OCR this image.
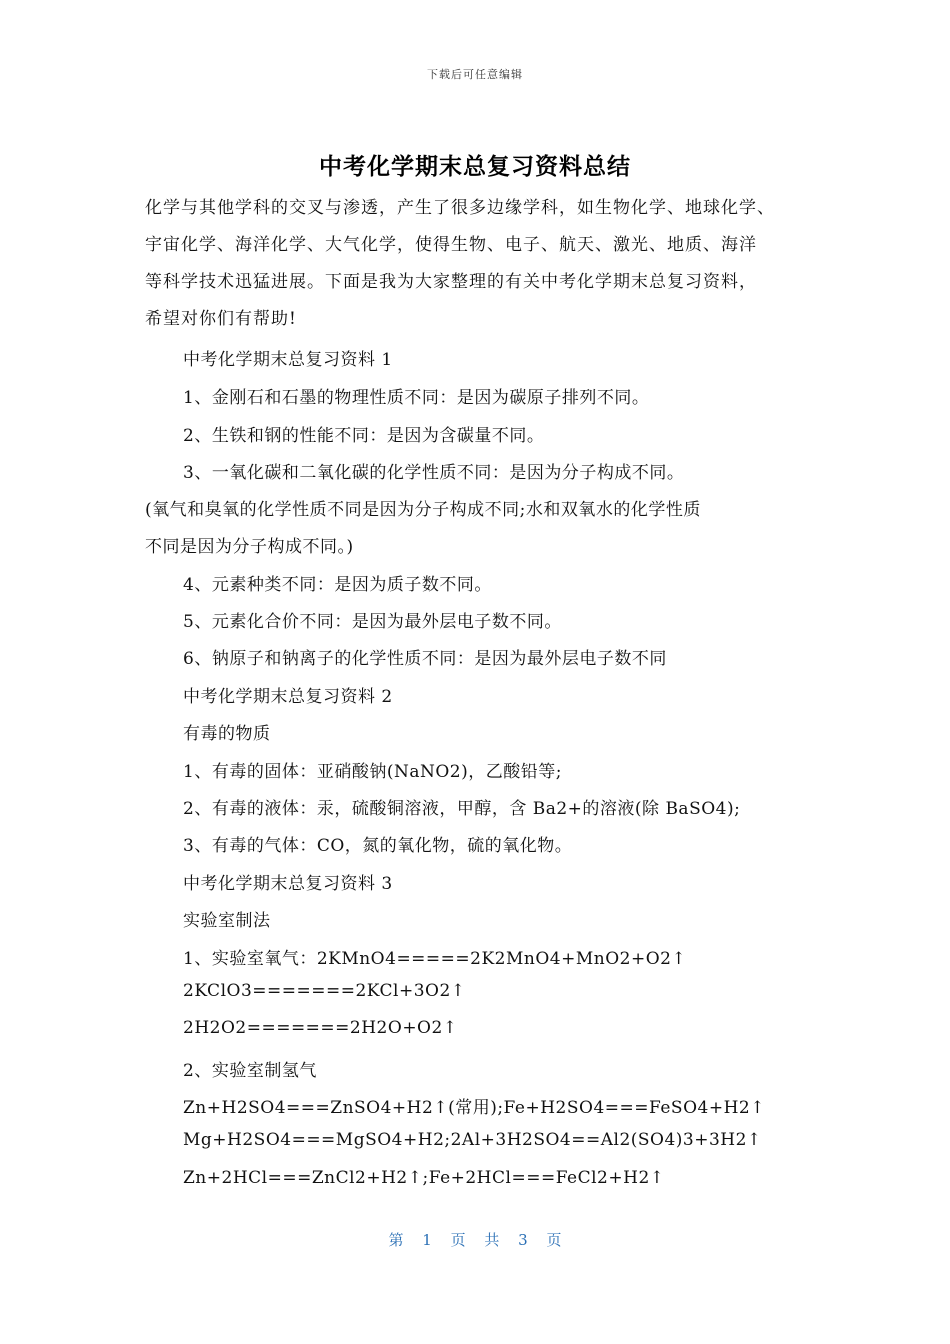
下载后可任意编辑
中考化学期末总复习资料总结

化学与其他学科的交叉与渗透，产生了很多边缘学科，如生物化学、地球化学、

宇宙化学、海洋化学、大气化学，使得生物、电子、航天、激光、地质、海洋

等科学技术迅猛进展。下面是我为大家整理的有关中考化学期末总复习资料，

希望对你们有帮助!

中考化学期末总复习资料 1
1、金刚石和石墨的物理性质不同：是因为碳原子排列不同。
2、生铁和钢的性能不同：是因为含碳量不同。
3、一氧化碳和二氧化碳的化学性质不同：是因为分子构成不同。
(氧气和臭氧的化学性质不同是因为分子构成不同;水和双氧水的化学性质
不同是因为分子构成不同。)
4、元素种类不同：是因为质子数不同。
5、元素化合价不同：是因为最外层电子数不同。
6、钠原子和钠离子的化学性质不同：是因为最外层电子数不同
中考化学期末总复习资料 2
有毒的物质
1、有毒的固体：亚硝酸钠(NaNO2)，乙酸铅等;
2、有毒的液体：汞，硫酸铜溶液，甲醇，含 Ba2+的溶液(除 BaSO4);
3、有毒的气体：CO，氮的氧化物，硫的氧化物。
中考化学期末总复习资料 3
实验室制法
1、实验室氧气：2KMnO4=====2K2MnO4+MnO2+O2↑
2KClO3=======2KCl+3O2↑
2H2O2=======2H2O+O2↑
2、实验室制氢气
Zn+H2SO4===ZnSO4+H2↑(常用);Fe+H2SO4===FeSO4+H2↑
Mg+H2SO4===MgSO4+H2;2Al+3H2SO4==Al2(SO4)3+3H2↑
Zn+2HCl===ZnCl2+H2↑;Fe+2HCl===FeCl2+H2↑
第 1 页 共 3 页
